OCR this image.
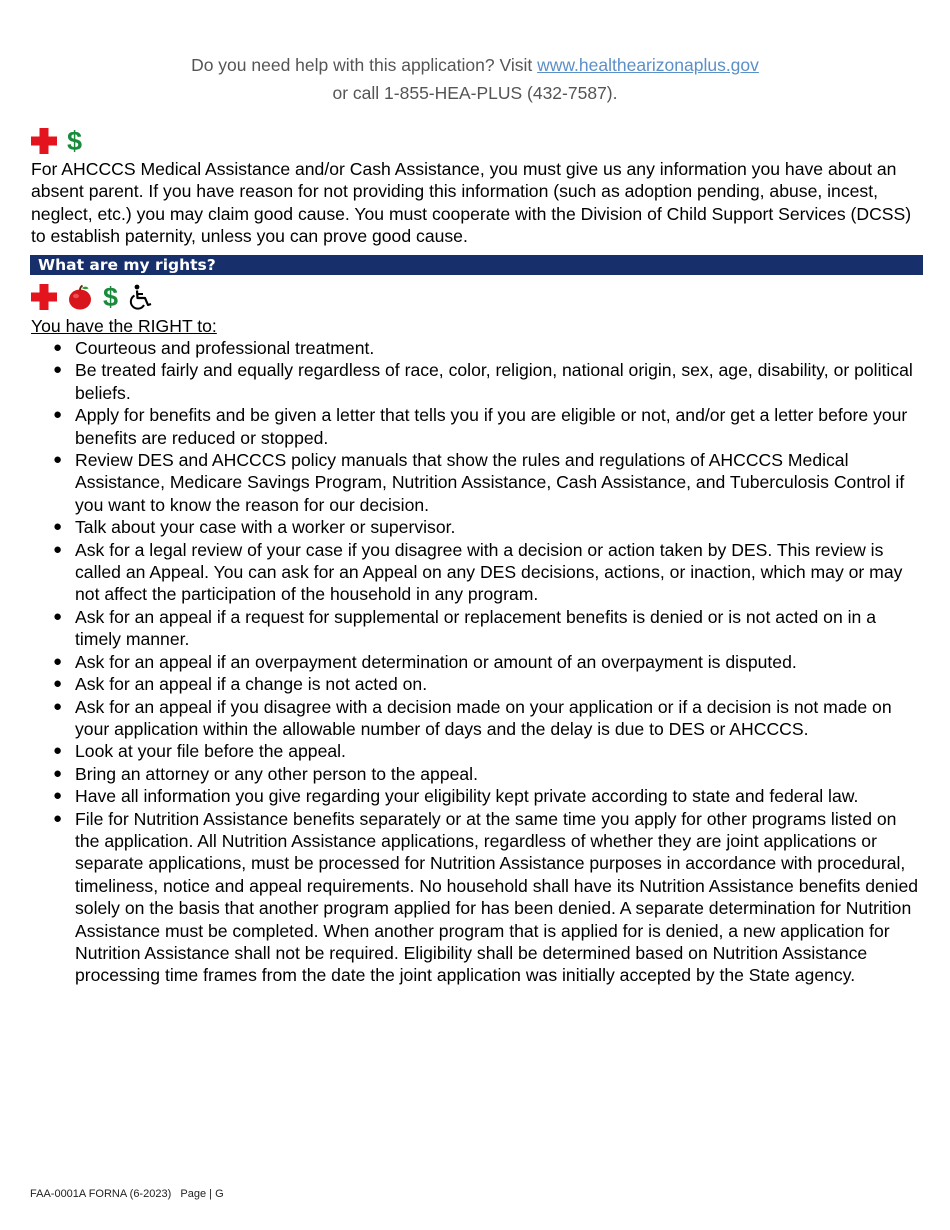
Do you need help with this application? Visit www.healthearizonaplus.gov
or call 1-855-HEA-PLUS (432-7587).
$
For AHCCCS Medical Assistance and/or Cash Assistance, you must give us any information you have about an absent parent. If you have reason for not providing this information (such as adoption pending, abuse, incest, neglect, etc.) you may claim good cause. You must cooperate with the Division of Child Support Services (DCSS) to establish paternity, unless you can prove good cause.
What are my rights?
$
You have the RIGHT to:
● Courteous and professional treatment.
● Be treated fairly and equally regardless of race, color, religion, national origin, sex, age, disability, or political beliefs.
● Apply for benefits and be given a letter that tells you if you are eligible or not, and/or get a letter before your benefits are reduced or stopped.
● Review DES and AHCCCS policy manuals that show the rules and regulations of AHCCCS Medical Assistance, Medicare Savings Program, Nutrition Assistance, Cash Assistance, and Tuberculosis Control if you want to know the reason for our decision.
● Talk about your case with a worker or supervisor.
● Ask for a legal review of your case if you disagree with a decision or action taken by DES. This review is called an Appeal. You can ask for an Appeal on any DES decisions, actions, or inaction, which may or may not affect the participation of the household in any program.
● Ask for an appeal if a request for supplemental or replacement benefits is denied or is not acted on in a timely manner.
● Ask for an appeal if an overpayment determination or amount of an overpayment is disputed.
● Ask for an appeal if a change is not acted on.
● Ask for an appeal if you disagree with a decision made on your application or if a decision is not made on your application within the allowable number of days and the delay is due to DES or AHCCCS.
● Look at your file before the appeal.
● Bring an attorney or any other person to the appeal.
● Have all information you give regarding your eligibility kept private according to state and federal law.
● File for Nutrition Assistance benefits separately or at the same time you apply for other programs listed on the application. All Nutrition Assistance applications, regardless of whether they are joint applications or separate applications, must be processed for Nutrition Assistance purposes in accordance with procedural, timeliness, notice and appeal requirements. No household shall have its Nutrition Assistance benefits denied solely on the basis that another program applied for has been denied. A separate determination for Nutrition Assistance must be completed. When another program that is applied for is denied, a new application for Nutrition Assistance shall not be required. Eligibility shall be determined based on Nutrition Assistance processing time frames from the date the joint application was initially accepted by the State agency.
FAA-0001A FORNA (6-2023) Page | G
